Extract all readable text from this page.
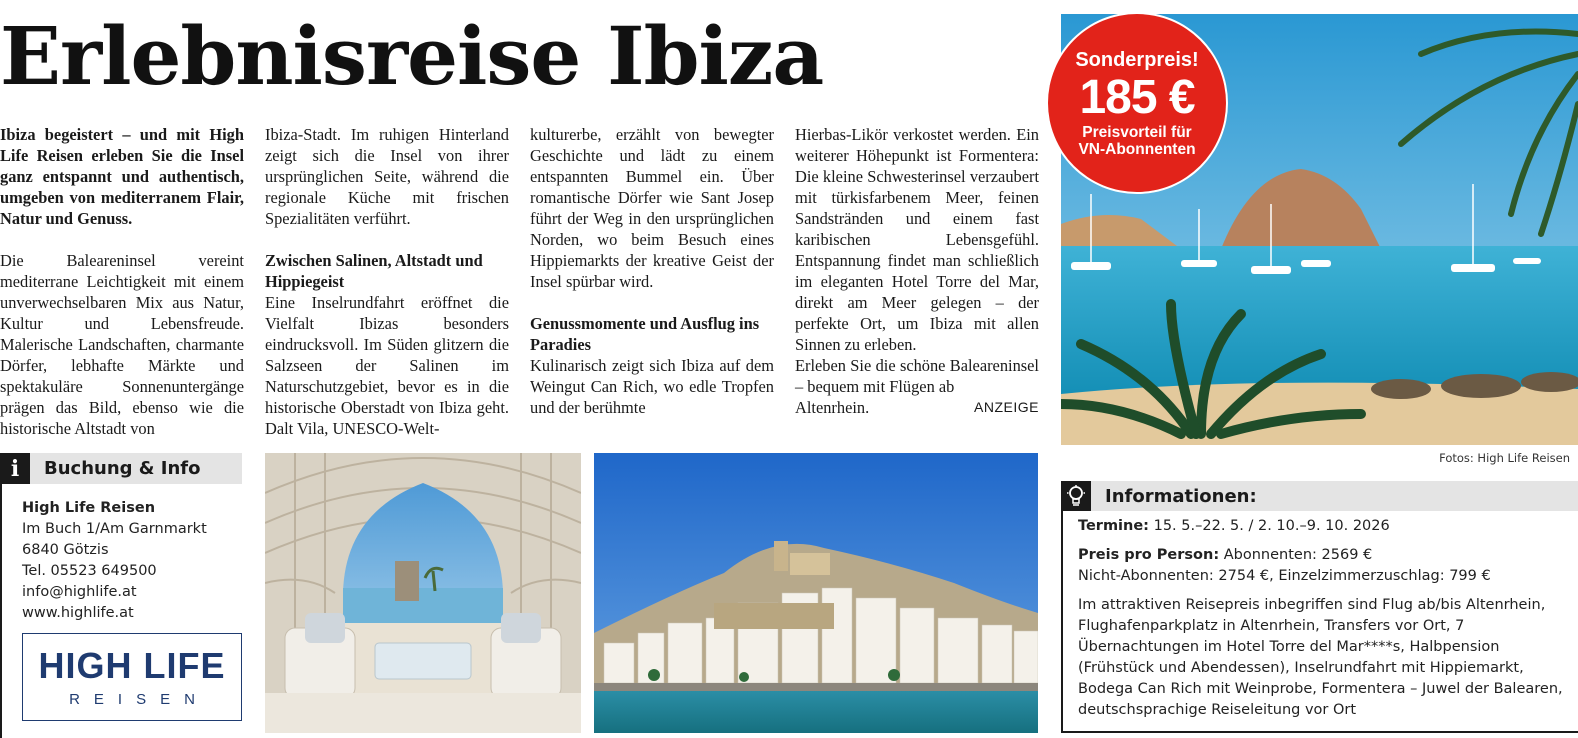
Erlebnisreise Ibiza

Ibiza begeistert – und mit High Life Reisen erleben Sie die Insel ganz entspannt und authentisch, umgeben von mediterranem Flair, Natur und Genuss.

Die Baleareninsel vereint mediterrane Leichtigkeit mit einem unverwechselbaren Mix aus Natur, Kultur und Lebensfreude. Malerische Landschaften, charmante Dörfer, lebhafte Märkte und spektakuläre Sonnenuntergänge prägen das Bild, ebenso wie die historische Altstadt von

Ibiza-Stadt. Im ruhigen Hinterland zeigt sich die Insel von ihrer ursprünglichen Seite, während die regionale Küche mit frischen Spezialitäten verführt.

Zwischen Salinen, Altstadt und Hippiegeist

Eine Inselrundfahrt eröffnet die Vielfalt Ibizas besonders eindrucksvoll. Im Süden glitzern die Salzseen der Salinen im Naturschutzgebiet, bevor es in die historische Oberstadt von Ibiza geht. Dalt Vila, UNESCO-Welt-

kulturerbe, erzählt von bewegter Geschichte und lädt zu einem entspannten Bummel ein. Über romantische Dörfer wie Sant Josep führt der Weg in den ursprünglichen Norden, wo beim Besuch eines Hippiemarkts der kreative Geist der Insel spürbar wird.

Genussmomente und Ausflug ins Paradies

Kulinarisch zeigt sich Ibiza auf dem Weingut Can Rich, wo edle Tropfen und der berühmte

Hierbas-Likör verkostet werden. Ein weiterer Höhepunkt ist Formentera: Die kleine Schwesterinsel verzaubert mit türkisfarbenem Meer, feinen Sandstränden und einem fast karibischen Lebensgefühl. Entspannung findet man schließlich im eleganten Hotel Torre del Mar, direkt am Meer gelegen – der perfekte Ort, um Ibiza mit allen Sinnen zu erleben.

Erleben Sie die schöne Baleareninsel – bequem mit Flügen ab

Altenrhein.	ANZEIGE
i	Buchung & Info
High Life Reisen
Im Buch 1/Am Garnmarkt
6840 Götzis
Tel. 05523 649500
info@highlife.at
www.highlife.at
HIGH LIFE
REISEN
Sonderpreis!
185 €
Preisvorteil für
VN-Abonnenten
Fotos: High Life Reisen
Informationen:

Termine: 15. 5.–22. 5. / 2. 10.–9. 10. 2026

Preis pro Person: Abonnenten: 2569 €
Nicht-Abonnenten: 2754 €, Einzelzimmerzuschlag: 799 €

Im attraktiven Reisepreis inbegriffen sind Flug ab/bis Altenrhein, Flughafenparkplatz in Altenrhein, Transfers vor Ort, 7 Übernachtungen im Hotel Torre del Mar****s, Halbpension (Frühstück und Abendessen), Inselrundfahrt mit Hippiemarkt, Bodega Can Rich mit Weinprobe, Formentera – Juwel der Balearen, deutschsprachige Reiseleitung vor Ort
